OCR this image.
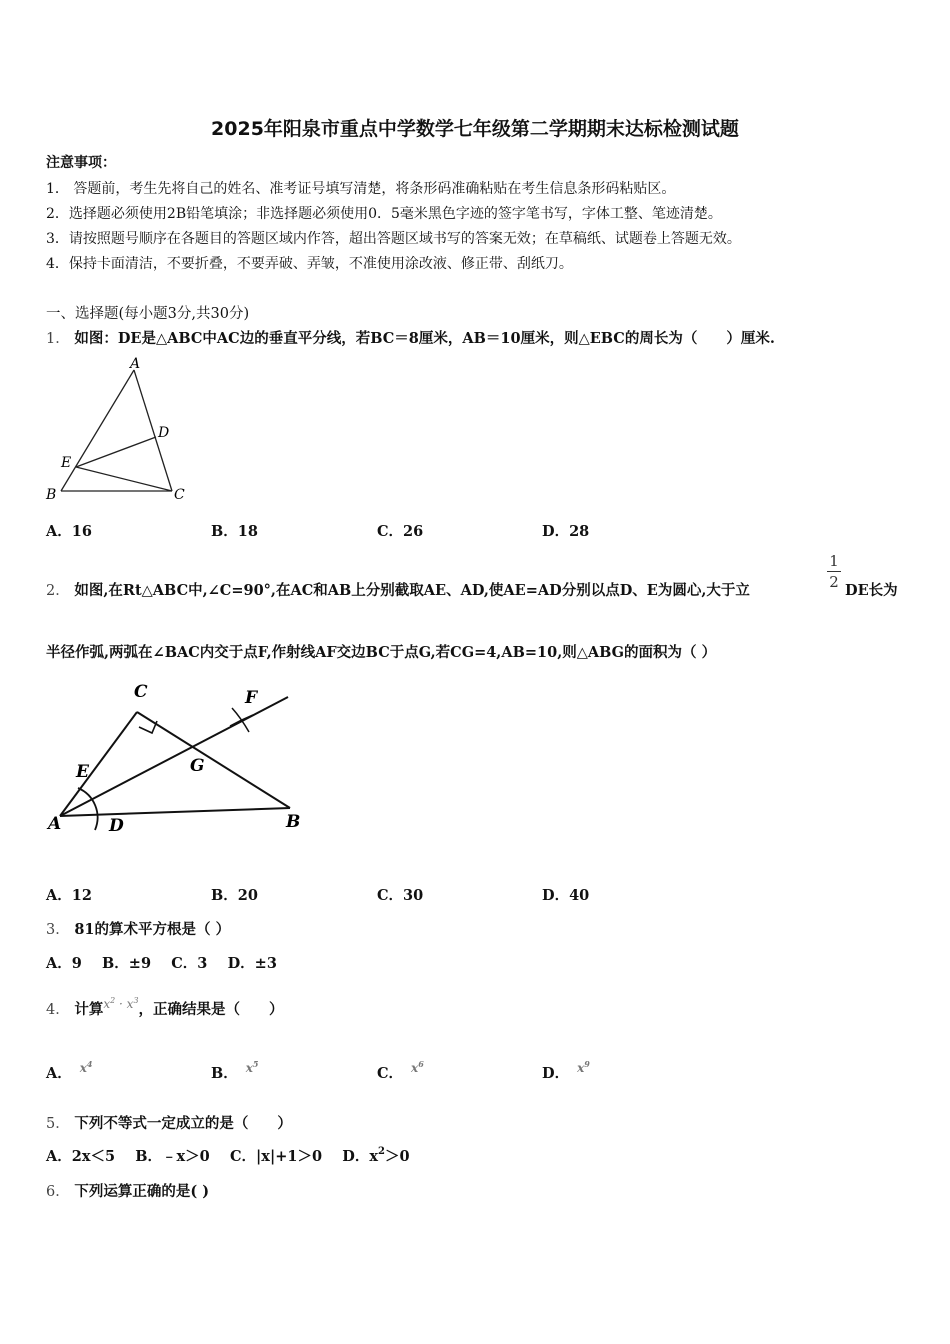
2025年阳泉市重点中学数学七年级第二学期期末达标检测试题
注意事项：
1． 答题前，考生先将自己的姓名、准考证号填写清楚，将条形码准确粘贴在考生信息条形码粘贴区。
2．选择题必须使用2B铅笔填涂；非选择题必须使用0．5毫米黑色字迹的签字笔书写，字体工整、笔迹清楚。
3．请按照题号顺序在各题目的答题区域内作答，超出答题区域书写的答案无效；在草稿纸、试题卷上答题无效。
4．保持卡面清洁，不要折叠，不要弄破、弄皱，不准使用涂改液、修正带、刮纸刀。
一、选择题(每小题3分,共30分)
1． 如图：DE是△ABC中AC边的垂直平分线，若BC＝8厘米，AB＝10厘米，则△EBC的周长为（　　）厘米.
A
D
E
B	C
A．16	B．18	C．26	D．28
2． 如图,在Rt△ABC中,∠C=90°,在AC和AB上分别截取AE、AD,使AE=AD分别以点D、E为圆心,大于立
1
2 DE长为
半径作弧,两弧在∠BAC内交于点F,作射线AF交边BC于点G,若CG=4,AB=10,则△ABG的面积为（ ）
C	F
E	G
A	D	B
A．12	B．20	C．30	D．40
3． 81的算术平方根是（ ）
A．9 B．±9 C．3 D．±3
4． 计算$^{x^2 \cdot x^3}$，正确结果是（　　）
A． $^{x^4}$
B． $^{x^5}$
C． $^{x^6}$
D． $^{x^9}$
5． 下列不等式一定成立的是（　　）
A．2x＜5 B．﹣x＞0 C．|x|+1＞0 D．$x^2>0$
6． 下列运算正确的是( )
